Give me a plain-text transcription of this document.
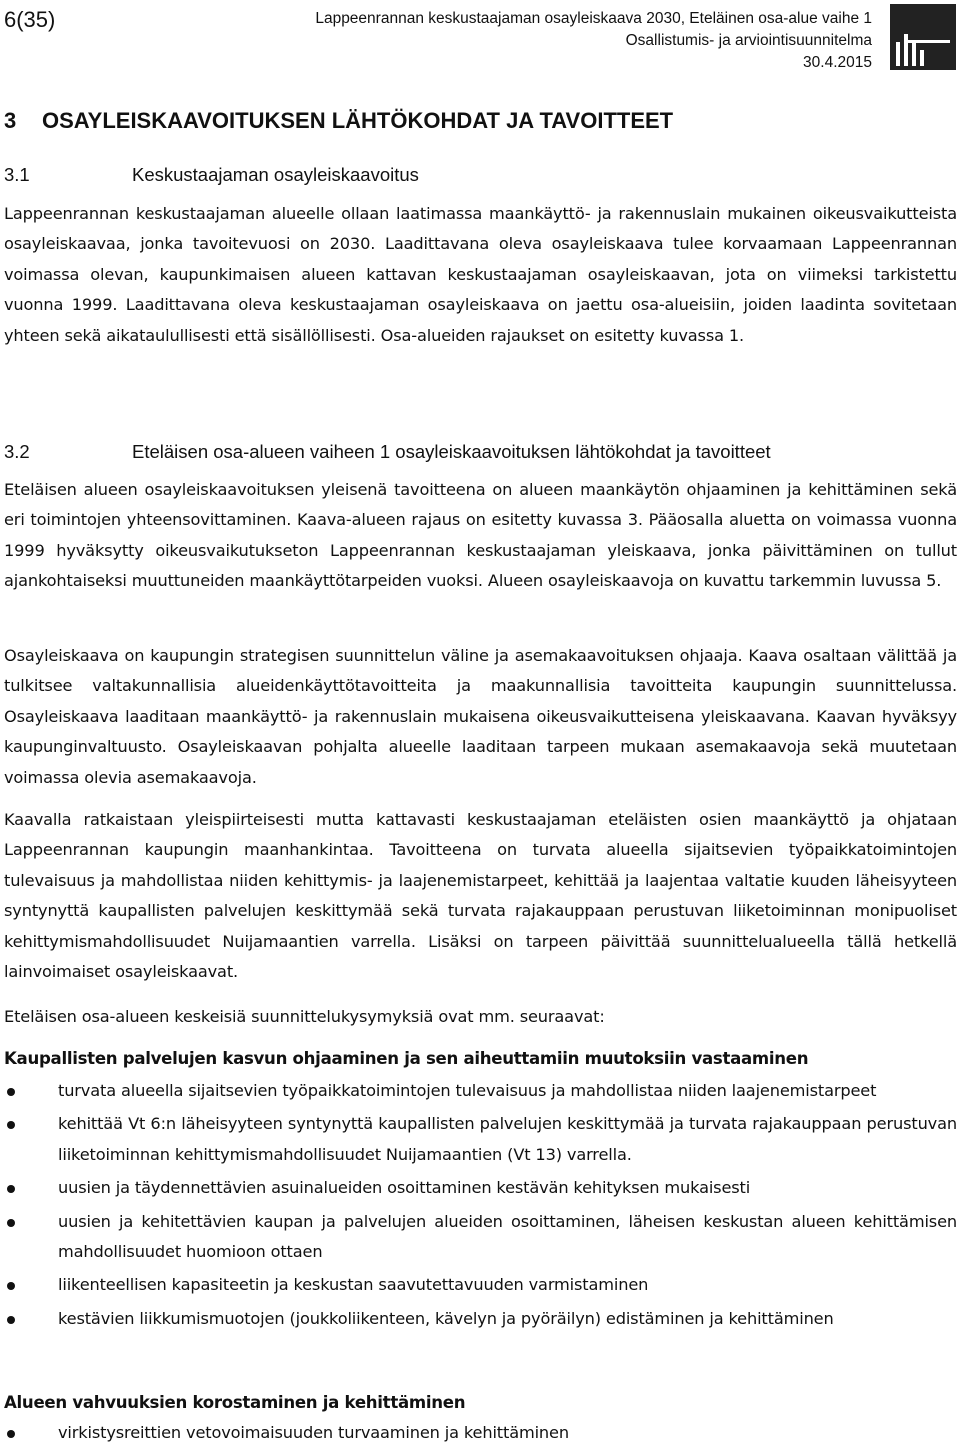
6(35)	Lappeenrannan keskustaajaman osayleiskaava 2030, Eteläinen osa-alue vaihe 1
Osallistumis- ja arviointisuunnitelma
30.4.2015
3 OSAYLEISKAAVOITUKSEN LÄHTÖKOHDAT JA TAVOITTEET
3.1	Keskustaajaman osayleiskaavoitus

Lappeenrannan keskustaajaman alueelle ollaan laatimassa maankäyttö- ja rakennuslain mukainen oikeusvaikutteista osayleiskaavaa, jonka tavoitevuosi on 2030. Laadittavana oleva osayleiskaava tulee korvaamaan Lappeenrannan voimassa olevan, kaupunkimaisen alueen kattavan keskustaajaman osayleiskaavan, jota on viimeksi tarkistettu vuonna 1999. Laadittavana oleva keskustaajaman osayleiskaava on jaettu osa-alueisiin, joiden laadinta sovitetaan yhteen sekä aikataulullisesti että sisällöllisesti. Osa-alueiden rajaukset on esitetty kuvassa 1.

3.2	Eteläisen osa-alueen vaiheen 1 osayleiskaavoituksen lähtökohdat ja tavoitteet

Eteläisen alueen osayleiskaavoituksen yleisenä tavoitteena on alueen maankäytön ohjaaminen ja kehittäminen sekä eri toimintojen yhteensovittaminen. Kaava-alueen rajaus on esitetty kuvassa 3. Pääosalla aluetta on voimassa vuonna 1999 hyväksytty oikeusvaikutukseton Lappeenrannan keskustaajaman yleiskaava, jonka päivittäminen on tullut ajankohtaiseksi muuttuneiden maankäyttötarpeiden vuoksi. Alueen osayleiskaavoja on kuvattu tarkemmin luvussa 5.

Osayleiskaava on kaupungin strategisen suunnittelun väline ja asemakaavoituksen ohjaaja. Kaava osaltaan välittää ja tulkitsee valtakunnallisia alueidenkäyttötavoitteita ja maakunnallisia tavoitteita kaupungin suunnittelussa. Osayleiskaava laaditaan maankäyttö- ja rakennuslain mukaisena oikeusvaikutteisena yleiskaavana. Kaavan hyväksyy kaupunginvaltuusto. Osayleiskaavan pohjalta alueelle laaditaan tarpeen mukaan asemakaavoja sekä muutetaan voimassa olevia asemakaavoja.

Kaavalla ratkaistaan yleispiirteisesti mutta kattavasti keskustaajaman eteläisten osien maankäyttö ja ohjataan Lappeenrannan kaupungin maanhankintaa. Tavoitteena on turvata alueella sijaitsevien työpaikkatoimintojen tulevaisuus ja mahdollistaa niiden kehittymis- ja laajenemistarpeet, kehittää ja laajentaa valtatie kuuden läheisyyteen syntynyttä kaupallisten palvelujen keskittymää sekä turvata rajakauppaan perustuvan liiketoiminnan monipuoliset kehittymismahdollisuudet Nuijamaantien varrella. Lisäksi on tarpeen päivittää suunnittelualueella tällä hetkellä lainvoimaiset osayleiskaavat.

Eteläisen osa-alueen keskeisiä suunnittelukysymyksiä ovat mm. seuraavat:

Kaupallisten palvelujen kasvun ohjaaminen ja sen aiheuttamiin muutoksiin vastaaminen
turvata alueella sijaitsevien työpaikkatoimintojen tulevaisuus ja mahdollistaa niiden laajenemistarpeet
kehittää Vt 6:n läheisyyteen syntynyttä kaupallisten palvelujen keskittymää ja turvata rajakauppaan perustuvan liiketoiminnan kehittymismahdollisuudet Nuijamaantien (Vt 13) varrella.
uusien ja täydennettävien asuinalueiden osoittaminen kestävän kehityksen mukaisesti
uusien ja kehitettävien kaupan ja palvelujen alueiden osoittaminen, läheisen keskustan alueen kehittämisen mahdollisuudet huomioon ottaen
liikenteellisen kapasiteetin ja keskustan saavutettavuuden varmistaminen
kestävien liikkumismuotojen (joukkoliikenteen, kävelyn ja pyöräilyn) edistäminen ja kehittäminen
Alueen vahvuuksien korostaminen ja kehittäminen
virkistysreittien vetovoimaisuuden turvaaminen ja kehittäminen
